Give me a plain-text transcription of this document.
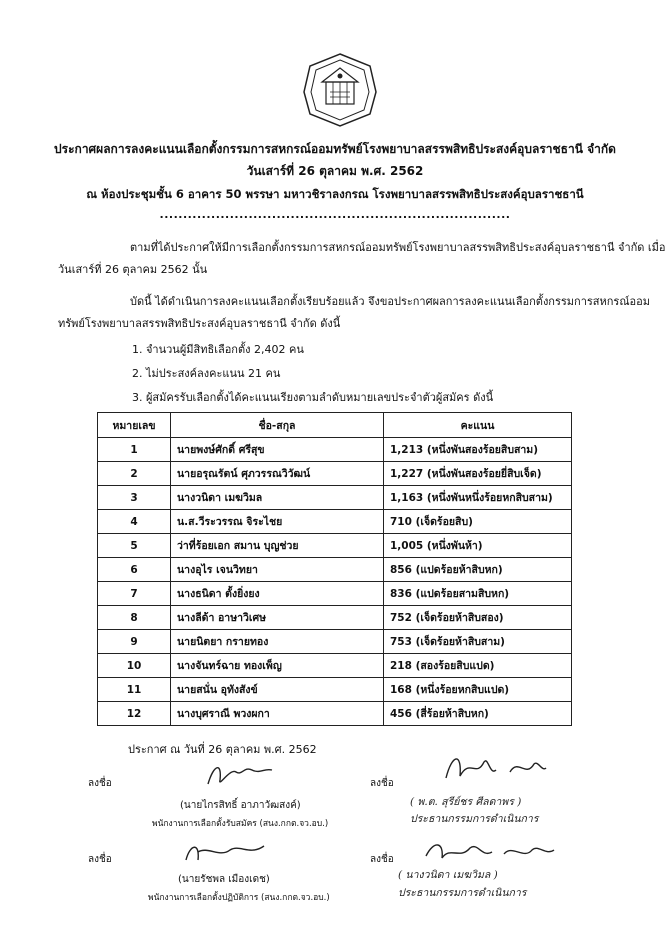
ประกาศผลการลงคะแนนเลือกตั้งกรรมการสหกรณ์ออมทรัพย์โรงพยาบาลสรรพสิทธิประสงค์อุบลราชธานี จำกัด
วันเสาร์ที่ 26 ตุลาคม พ.ศ. 2562
ณ ห้องประชุมชั้น 6 อาคาร 50 พรรษา มหาวชิราลงกรณ โรงพยาบาลสรรพสิทธิประสงค์อุบลราชธานี
...........................................................................
ตามที่ได้ประกาศให้มีการเลือกตั้งกรรมการสหกรณ์ออมทรัพย์โรงพยาบาลสรรพสิทธิประสงค์อุบลราชธานี จำกัด เมื่อ
วันเสาร์ที่ 26 ตุลาคม 2562 นั้น
บัดนี้ ได้ดำเนินการลงคะแนนเลือกตั้งเรียบร้อยแล้ว จึงขอประกาศผลการลงคะแนนเลือกตั้งกรรมการสหกรณ์ออม
ทรัพย์โรงพยาบาลสรรพสิทธิประสงค์อุบลราชธานี จำกัด ดังนี้
1. จำนวนผู้มีสิทธิเลือกตั้ง 2,402 คน
2. ไม่ประสงค์ลงคะแนน 21 คน
3. ผู้สมัครรับเลือกตั้งได้คะแนนเรียงตามลำดับหมายเลขประจำตัวผู้สมัคร ดังนี้
หมายเลข	ชื่อ-สกุล	คะแนน
1	นายพงษ์ศักดิ์ ศรีสุข	1,213 (หนึ่งพันสองร้อยสิบสาม)
2	นายอรุณรัตน์ ศุภวรรณวิวัฒน์	1,227 (หนึ่งพันสองร้อยยี่สิบเจ็ด)
3	นางวนิดา เมฆวิมล	1,163 (หนึ่งพันหนึ่งร้อยหกสิบสาม)
4	น.ส.วีระวรรณ จิระไชย	710 (เจ็ดร้อยสิบ)
5	ว่าที่ร้อยเอก สมาน บุญช่วย	1,005 (หนึ่งพันห้า)
6	นางอุไร เจนวิทยา	856 (แปดร้อยห้าสิบหก)
7	นางธนิดา ตั้งยิ่งยง	836 (แปดร้อยสามสิบหก)
8	นางลีด้า อาษาวิเศษ	752 (เจ็ดร้อยห้าสิบสอง)
9	นายนิตยา กรายทอง	753 (เจ็ดร้อยห้าสิบสาม)
10	นางจันทร์ฉาย ทองเพ็ญ	218 (สองร้อยสิบแปด)
11	นายสนั่น อุทังสังข์	168 (หนึ่งร้อยหกสิบแปด)
12	นางบุศราณี พวงผกา	456 (สี่ร้อยห้าสิบหก)
ประกาศ ณ วันที่ 26 ตุลาคม พ.ศ. 2562
ลงชื่อ
(นายไกรสิทธิ์ อาภาวัฒสงค์)
พนักงานการเลือกตั้งรับสมัคร (สนง.กกต.จว.อบ.)
ลงชื่อ
(นายรัชพล เมืองเดช)
พนักงานการเลือกตั้งปฏิบัติการ (สนง.กกต.จว.อบ.)
ลงชื่อ
( พ.ต. สุรีย์ชร ศีลดาพร )
ประธานกรรมการดำเนินการ
ลงชื่อ
( นางวนิดา เมฆวิมล )
ประธานกรรมการดำเนินการ
